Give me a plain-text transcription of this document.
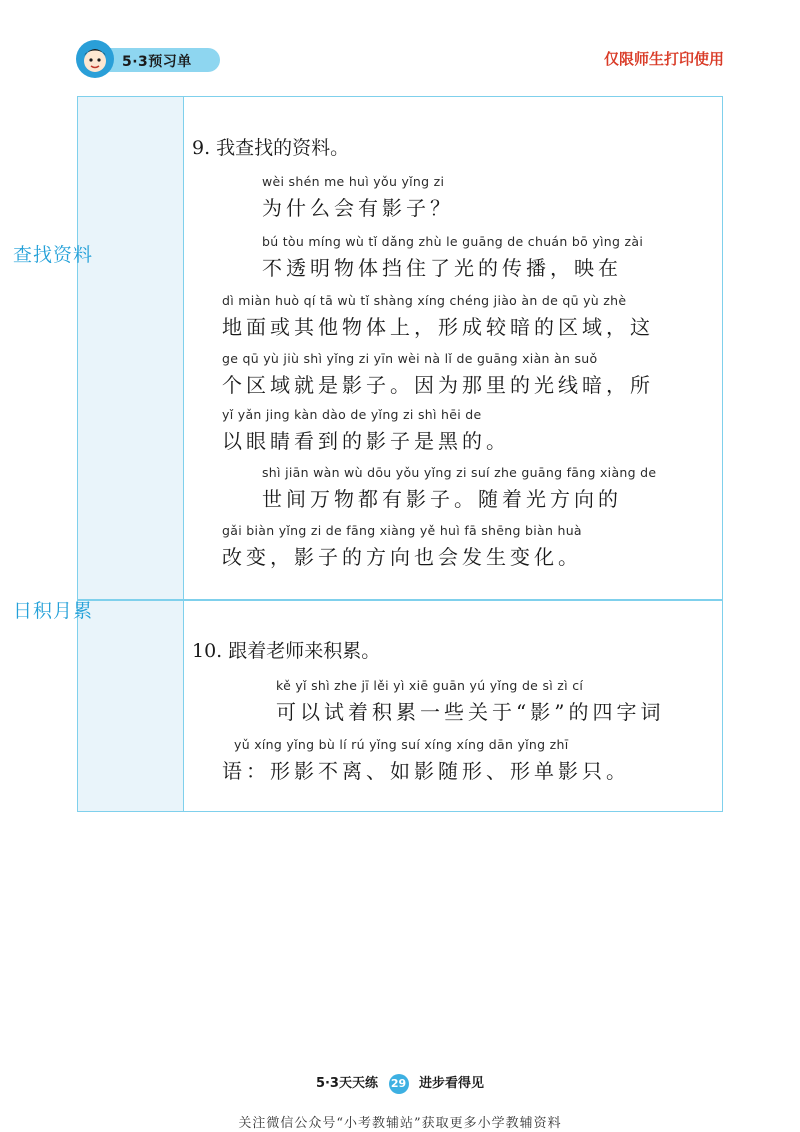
5·3预习单	仅限师生打印使用
查找资料
日积月累
9. 我查找的资料。
wèi shén me huì yǒu yǐng zi
为什么会有影子？
bú tòu míng wù tǐ dǎng zhù le guāng de chuán bō yìng zài
不透明物体挡住了光的传播，映在
dì miàn huò qí tā wù tǐ shàng xíng chéng jiào àn de qū yù zhè
地面或其他物体上，形成较暗的区域，这
ge qū yù jiù shì yǐng zi yīn wèi nà lǐ de guāng xiàn àn suǒ
个区域就是影子。因为那里的光线暗，所
yǐ yǎn jing kàn dào de yǐng zi shì hēi de
以眼睛看到的影子是黑的。
shì jiān wàn wù dōu yǒu yǐng zi suí zhe guāng fāng xiàng de
世间万物都有影子。随着光方向的
gǎi biàn yǐng zi de fāng xiàng yě huì fā shēng biàn huà
改变，影子的方向也会发生变化。
10. 跟着老师来积累。
kě yǐ shì zhe jī lěi yì xiē guān yú yǐng de sì zì cí
可以试着积累一些关于“影”的四字词
yǔ xíng yǐng bù lí rú yǐng suí xíng xíng dān yǐng zhī
语：形影不离、如影随形、形单影只。
5·3天天练 29 进步看得见
关注微信公众号“小考教辅站”获取更多小学教辅资料
